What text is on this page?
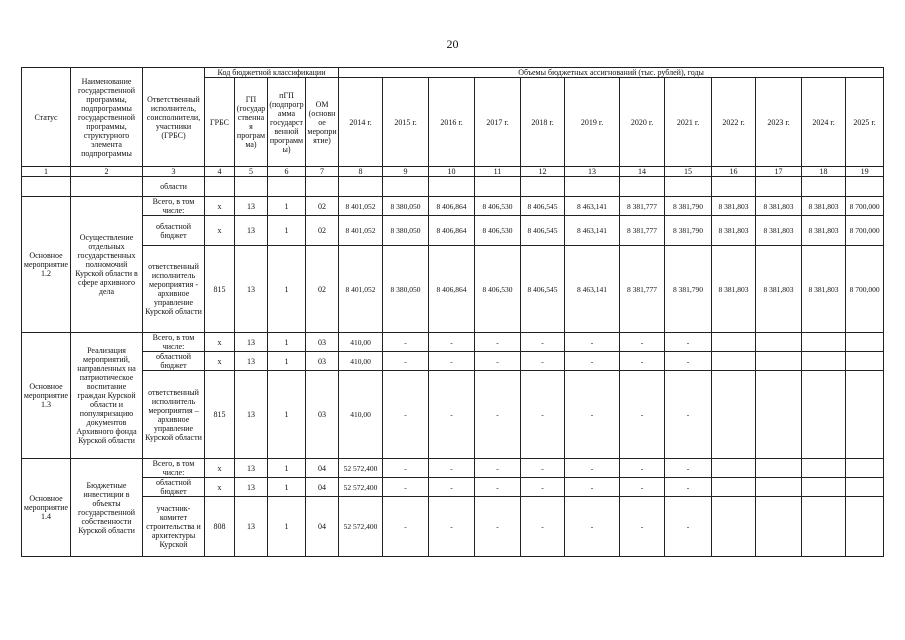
20
Статус	Наименование государственной программы, подпрограммы государственной программы, структурного элемента подпрограммы	Ответственный исполнитель, соисполнители, участники (ГРБС)	Код бюджетной классификации				Объемы бюджетных ассигнований (тыс. рублей), годы											
			ГРБС	ГП (государственная программа)	пГП (подпрограмма государственной программы)	ОМ (основное мероприятие)	2014 г.	2015 г.	2016 г.	2017 г.	2018 г.	2019 г.	2020 г.	2021 г.	2022 г.	2023 г.	2024 г.	2025 г.
1	2	3	4	5	6	7	8	9	10	11	12	13	14	15	16	17	18	19
		области																
Основное мероприятие 1.2	Осуществление отдельных государственных полномочий Курской области в сфере архивного дела	Всего, в том числе:	x	13	1	02	8 401,052	8 380,050	8 406,864	8 406,530	8 406,545	8 463,141	8 381,777	8 381,790	8 381,803	8 381,803	8 381,803	8 700,000
		областной бюджет	x	13	1	02	8 401,052	8 380,050	8 406,864	8 406,530	8 406,545	8 463,141	8 381,777	8 381,790	8 381,803	8 381,803	8 381,803	8 700,000
		ответственный исполнитель мероприятия - архивное управление Курской области	815	13	1	02	8 401,052	8 380,050	8 406,864	8 406,530	8 406,545	8 463,141	8 381,777	8 381,790	8 381,803	8 381,803	8 381,803	8 700,000
Основное мероприятие 1.3	Реализация мероприятий, направленных на патриотическое воспитание граждан Курской области и популяризацию документов Архивного фонда Курской области	Всего, в том числе:	x	13	1	03	410,00	-	-	-	-	-	-	-				
		областной бюджет	x	13	1	03	410,00	-	-	-	-	-	-	-				
		ответственный исполнитель мероприятия – архивное управление Курской области	815	13	1	03	410,00	-	-	-	-	-	-	-				
Основное мероприятие 1.4	Бюджетные инвестиции в объекты государственной собственности Курской области	Всего, в том числе:	x	13	1	04	52 572,400	-	-	-	-	-	-	-				
		областной бюджет	x	13	1	04	52 572,400	-	-	-	-	-	-	-				
		участник-комитет строительства и архитектуры Курской	808	13	1	04	52 572,400	-	-	-	-	-	-	-				
